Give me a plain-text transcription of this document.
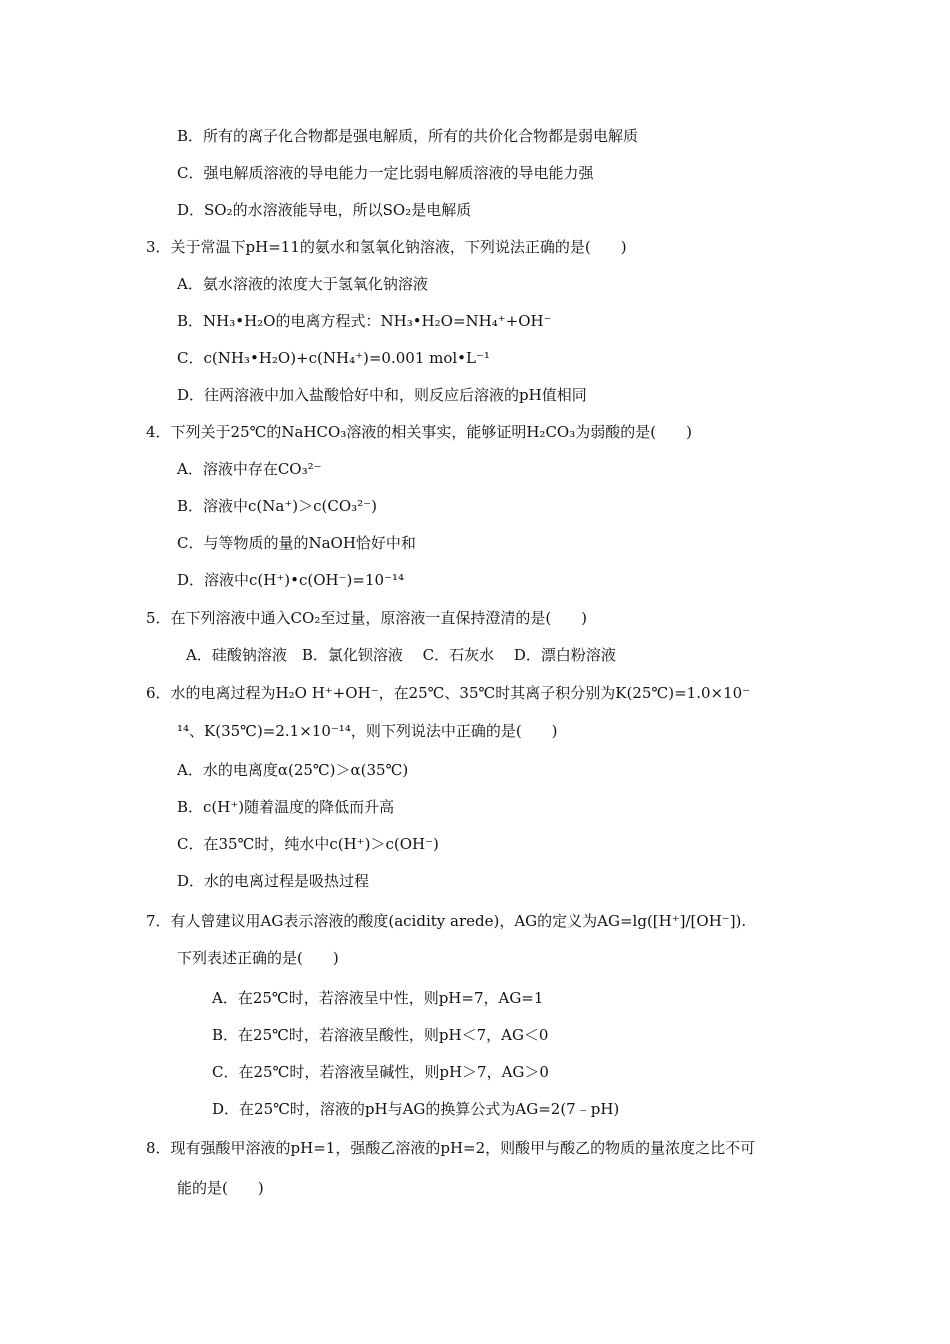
B．所有的离子化合物都是强电解质，所有的共价化合物都是弱电解质
C．强电解质溶液的导电能力一定比弱电解质溶液的导电能力强
D．SO₂的水溶液能导电，所以SO₂是电解质
3．关于常温下pH=11的氨水和氢氧化钠溶液，下列说法正确的是(　　)
A．氨水溶液的浓度大于氢氧化钠溶液
B．NH₃•H₂O的电离方程式：NH₃•H₂O=NH₄⁺+OH⁻
C．c(NH₃•H₂O)+c(NH₄⁺)=0.001 mol•L⁻¹
D．往两溶液中加入盐酸恰好中和，则反应后溶液的pH值相同
4．下列关于25℃的NaHCO₃溶液的相关事实，能够证明H₂CO₃为弱酸的是(　　)
A．溶液中存在CO₃²⁻
B．溶液中c(Na⁺)＞c(CO₃²⁻)
C．与等物质的量的NaOH恰好中和
D．溶液中c(H⁺)•c(OH⁻)=10⁻¹⁴
5．在下列溶液中通入CO₂至过量，原溶液一直保持澄清的是(　　)
A．硅酸钠溶液　B．氯化钡溶液　 C．石灰水　 D．漂白粉溶液
6．水的电离过程为H₂O H⁺+OH⁻，在25℃、35℃时其离子积分别为K(25℃)=1.0×10⁻
¹⁴、K(35℃)=2.1×10⁻¹⁴，则下列说法中正确的是(　　)
A．水的电离度α(25℃)＞α(35℃)
B．c(H⁺)随着温度的降低而升高
C．在35℃时，纯水中c(H⁺)＞c(OH⁻)
D．水的电离过程是吸热过程
7．有人曾建议用AG表示溶液的酸度(acidity arede)，AG的定义为AG=lg([H⁺]/[OH⁻]).
下列表述正确的是(　　)
A．在25℃时，若溶液呈中性，则pH=7，AG=1
B．在25℃时，若溶液呈酸性，则pH＜7，AG＜0
C．在25℃时，若溶液呈碱性，则pH＞7，AG＞0
D．在25℃时，溶液的pH与AG的换算公式为AG=2(7﹣pH)
8．现有强酸甲溶液的pH=1，强酸乙溶液的pH=2，则酸甲与酸乙的物质的量浓度之比不可
能的是(　　)
